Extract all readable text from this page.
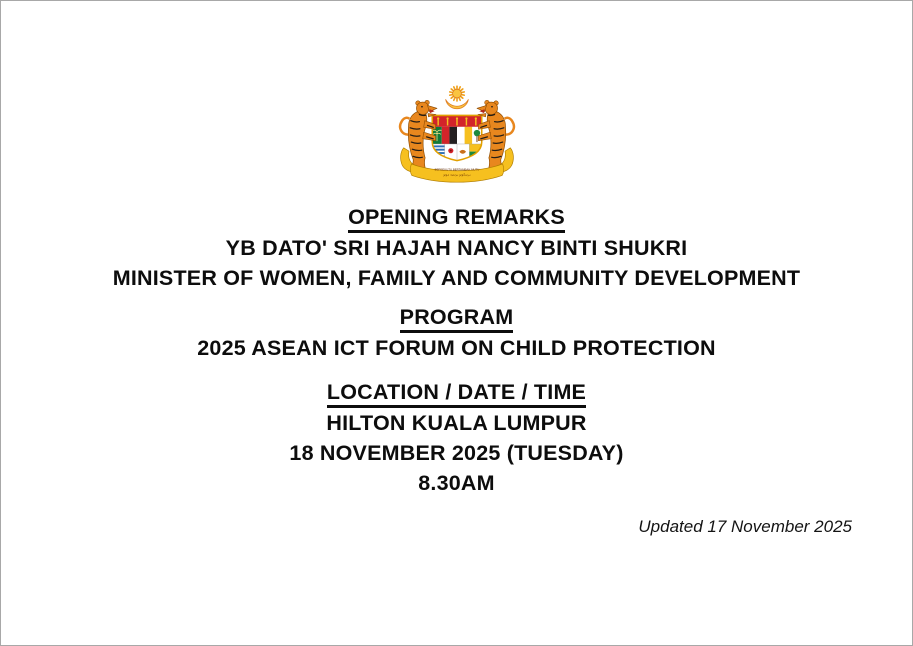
BERSEKUTU BERTAMBAH MUTU
برسكوتو برتمبه موتو
OPENING REMARKS
YB DATO' SRI HAJAH NANCY BINTI SHUKRI
MINISTER OF WOMEN, FAMILY AND COMMUNITY DEVELOPMENT
PROGRAM
2025 ASEAN ICT FORUM ON CHILD PROTECTION
LOCATION / DATE / TIME
HILTON KUALA LUMPUR
18 NOVEMBER 2025 (TUESDAY)
8.30AM
Updated 17 November 2025
